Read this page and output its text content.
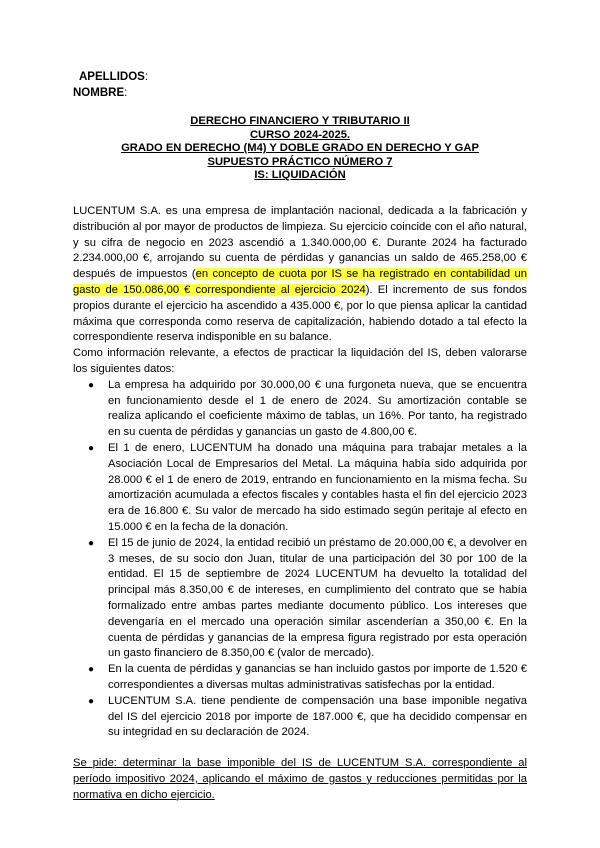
APELLIDOS:
NOMBRE:
DERECHO FINANCIERO Y TRIBUTARIO II
CURSO 2024-2025.
GRADO EN DERECHO (M4) Y DOBLE GRADO EN DERECHO Y GAP
SUPUESTO PRÁCTICO NÚMERO 7
IS: LIQUIDACIÓN

LUCENTUM S.A. es una empresa de implantación nacional, dedicada a la fabricación y distribución al por mayor de productos de limpieza. Su ejercicio coincide con el año natural, y su cifra de negocio en 2023 ascendió a 1.340.000,00 €. Durante 2024 ha facturado 2.234.000,00 €, arrojando su cuenta de pérdidas y ganancias un saldo de 465.258,00 € después de impuestos (en concepto de cuota por IS se ha registrado en contabilidad un gasto de 150.086,00 € correspondiente al ejercicio 2024). El incremento de sus fondos propios durante el ejercicio ha ascendido a 435.000 €, por lo que piensa aplicar la cantidad máxima que corresponda como reserva de capitalización, habiendo dotado a tal efecto la correspondiente reserva indisponible en su balance.

Como información relevante, a efectos de practicar la liquidación del IS, deben valorarse los siguientes datos:

● La empresa ha adquirido por 30.000,00 € una furgoneta nueva, que se encuentra en funcionamiento desde el 1 de enero de 2024. Su amortización contable se realiza aplicando el coeficiente máximo de tablas, un 16%. Por tanto, ha registrado en su cuenta de pérdidas y ganancias un gasto de 4.800,00 €.
● El 1 de enero, LUCENTUM ha donado una máquina para trabajar metales a la Asociación Local de Empresarios del Metal. La máquina había sido adquirida por 28.000 € el 1 de enero de 2019, entrando en funcionamiento en la misma fecha. Su amortización acumulada a efectos fiscales y contables hasta el fin del ejercicio 2023 era de 16.800 €. Su valor de mercado ha sido estimado según peritaje al efecto en 15.000 € en la fecha de la donación.
● El 15 de junio de 2024, la entidad recibió un préstamo de 20.000,00 €, a devolver en 3 meses, de su socio don Juan, titular de una participación del 30 por 100 de la entidad. El 15 de septiembre de 2024 LUCENTUM ha devuelto la totalidad del principal más 8.350,00 € de intereses, en cumplimiento del contrato que se había formalizado entre ambas partes mediante documento público. Los intereses que devengaría en el mercado una operación similar ascenderían a 350,00 €. En la cuenta de pérdidas y ganancias de la empresa figura registrado por esta operación un gasto financiero de 8.350,00 € (valor de mercado).
● En la cuenta de pérdidas y ganancias se han incluido gastos por importe de 1.520 € correspondientes a diversas multas administrativas satisfechas por la entidad.
● LUCENTUM S.A. tiene pendiente de compensación una base imponible negativa del IS del ejercicio 2018 por importe de 187.000 €, que ha decidido compensar en su integridad en su declaración de 2024.

Se pide: determinar la base imponible del IS de LUCENTUM S.A. correspondiente al período impositivo 2024, aplicando el máximo de gastos y reducciones permitidas por la normativa en dicho ejercicio.
